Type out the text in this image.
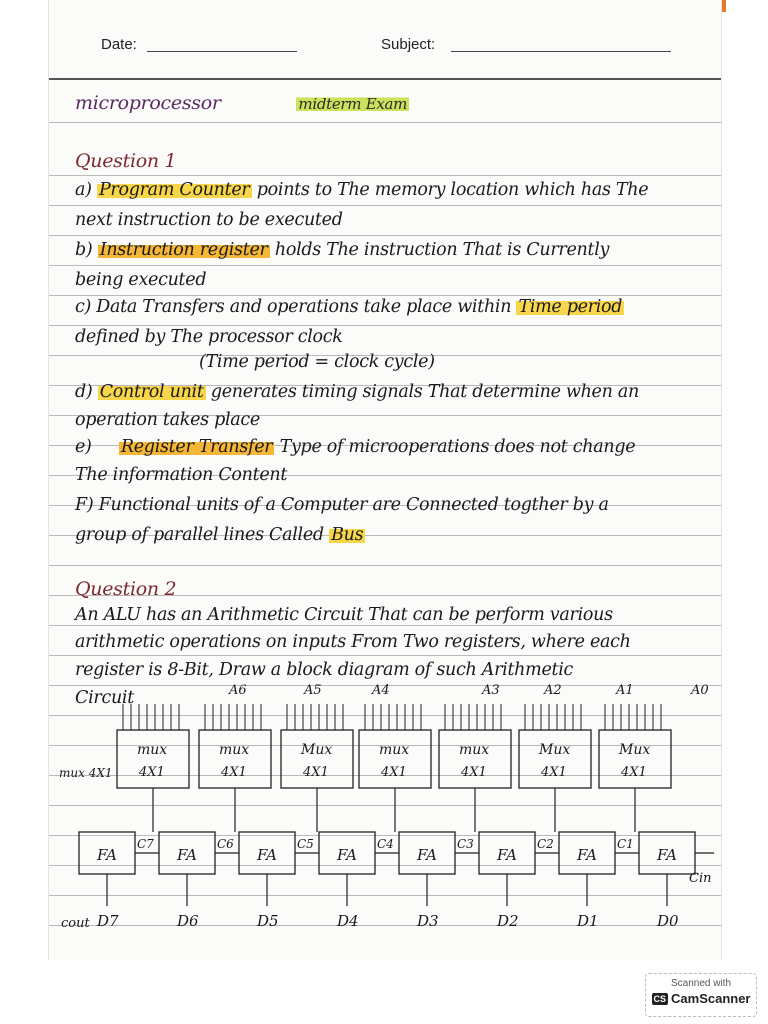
Date:	Subject:
microprocessor	midterm Exam
Question 1
a) Program Counter points to The memory location which has The
next instruction to be executed
b) Instruction register holds The instruction That is Currently
being executed
c) Data Transfers and operations take place within Time period
defined by The processor clock
(Time period = clock cycle)
d) Control unit generates timing signals That determine when an
operation takes place
e) Register Transfer Type of microoperations does not change
The information Content
F) Functional units of a Computer are Connected togther by a
group of parallel lines Called Bus
Question 2
An ALU has an Arithmetic Circuit That can be perform various
arithmetic operations on inputs From Two registers, where each
register is 8-Bit, Draw a block diagram of such Arithmetic
Circuit	A6	A5	A4	A3	A2	A1	A0
mux
4X1
mux
4X1
Mux
4X1
mux
4X1
mux
4X1
Mux
4X1
Mux
4X1
FA	FA	FA	FA	FA	FA	FA	FA
C7	C6	C5	C4	C3	C2	C1
D7	D6	D5	D4	D3	D2	D1	D0
mux 4X1
cout
Cin
Scanned with
CS CamScanner
